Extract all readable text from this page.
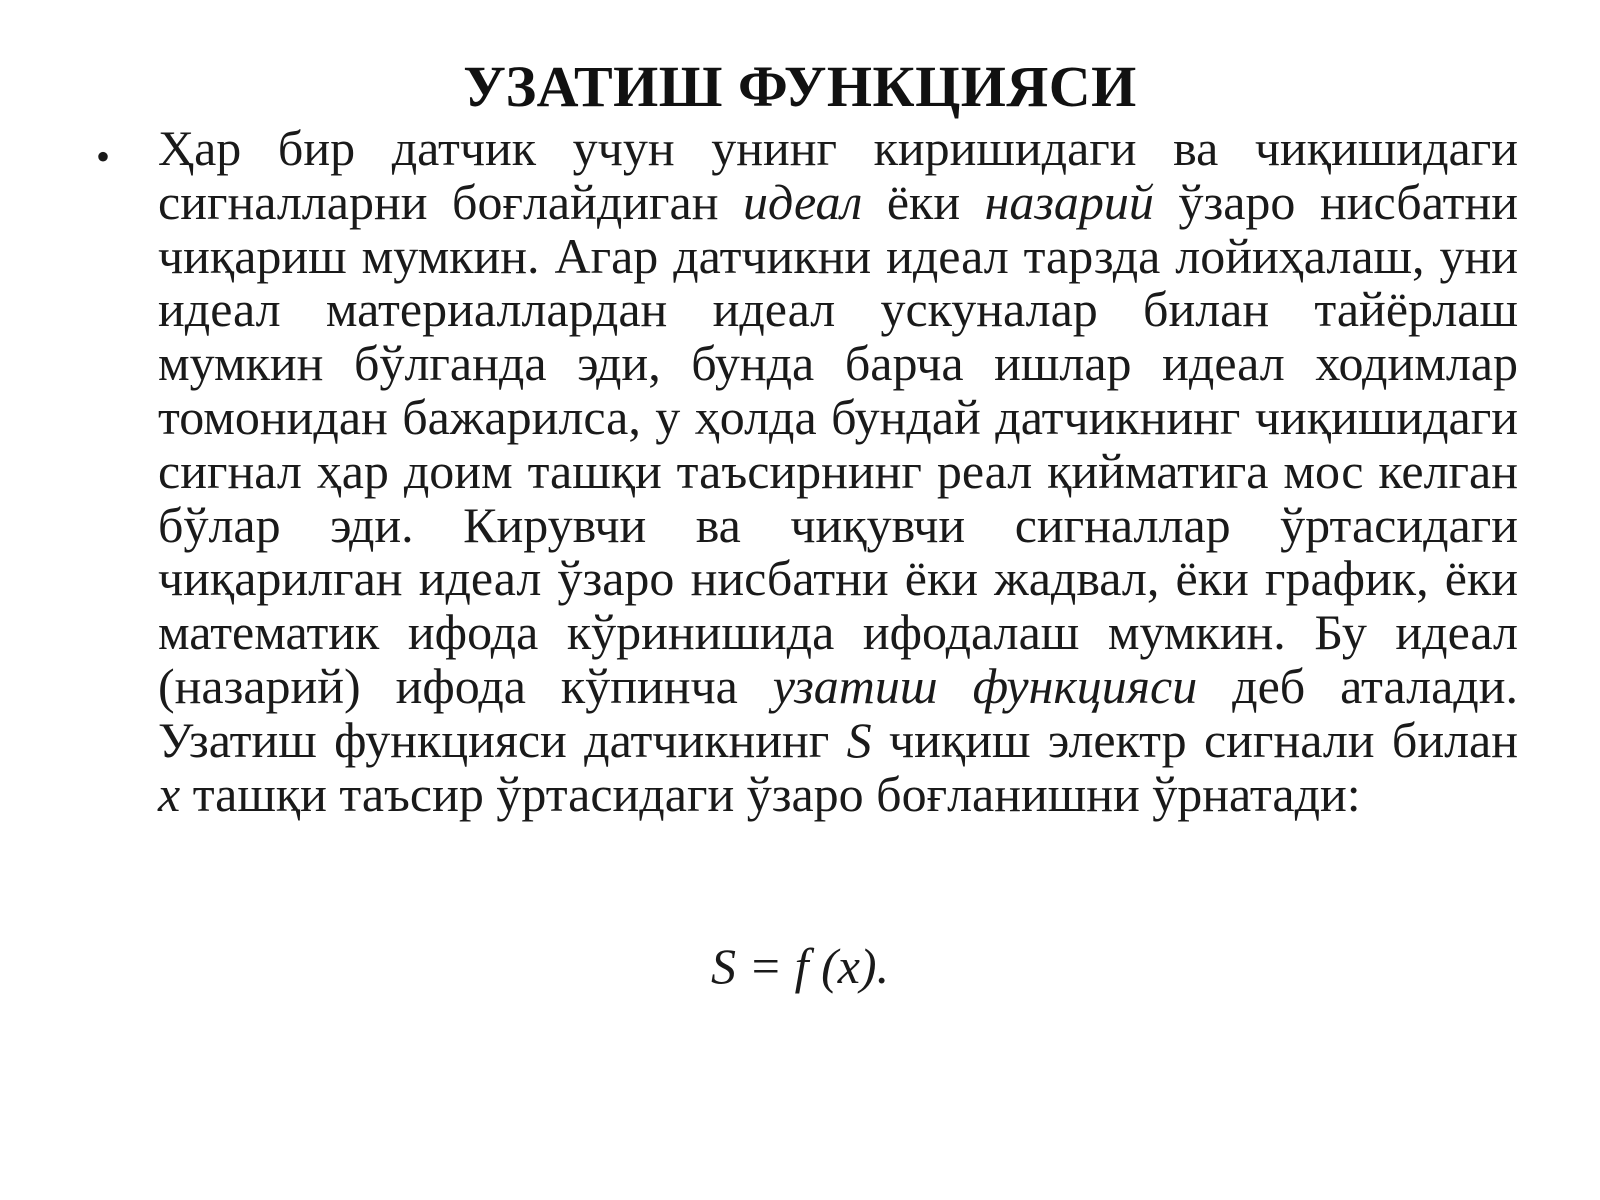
УЗАТИШ ФУНКЦИЯСИ
• Ҳар бир датчик учун унинг киришидаги ва чиқишидаги сигналларни боғлайдиган идеал ёки назарий ўзаро нисбатни чиқариш мумкин. Агар датчикни идеал тарзда лойиҳалаш, уни идеал материаллардан идеал ускуналар билан тайёрлаш мумкин бўлганда эди, бунда барча ишлар идеал ходимлар томонидан бажарилса, у ҳолда бундай датчикнинг чиқишидаги сигнал ҳар доим ташқи таъсирнинг реал қийматига мос келган бўлар эди. Кирувчи ва чиқувчи сигналлар ўртасидаги чиқарилган идеал ўзаро нисбатни ёки жадвал, ёки график, ёки математик ифода кўринишида ифодалаш мумкин. Бу идеал (назарий) ифода кўпинча узатиш функцияси деб аталади. Узатиш функцияси датчикнинг S чиқиш электр сигнали билан x ташқи таъсир ўртасидаги ўзаро боғланишни ўрнатади:

S = f (x).
